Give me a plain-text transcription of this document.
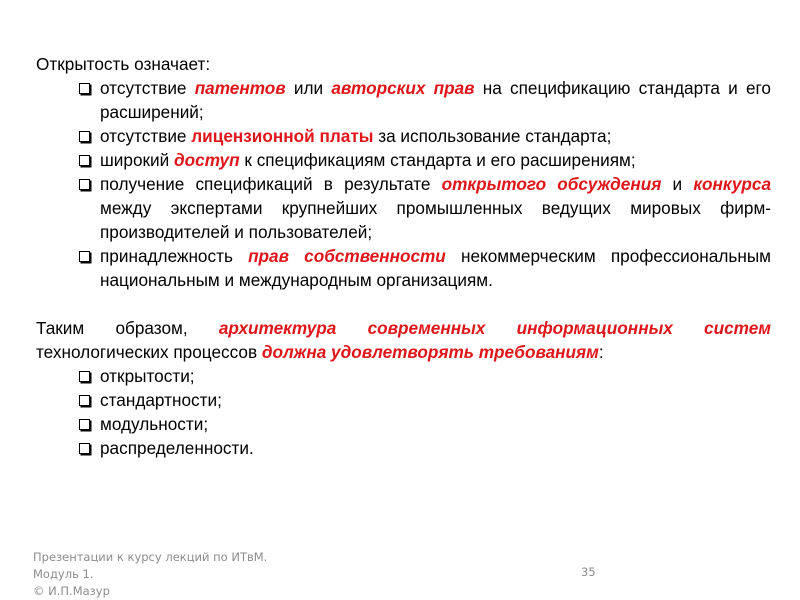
Открытость означает:
отсутствие патентов или авторских прав на спецификацию стандарта и его расширений;
отсутствие лицензионной платы за использование стандарта;
широкий доступ к спецификациям стандарта и его расширениям;
получение спецификаций в результате открытого обсуждения и конкурса между экспертами крупнейших промышленных ведущих мировых фирм-производителей и пользователей;
принадлежность прав собственности некоммерческим профессиональным национальным и международным организациям.
Таким образом, архитектура современных информационных систем технологических процессов должна удовлетворять требованиям:
открытости;
стандартности;
модульности;
распределенности.
Презентации к курсу лекций по ИТвМ.
Модуль 1.
© И.П.Мазур
35
